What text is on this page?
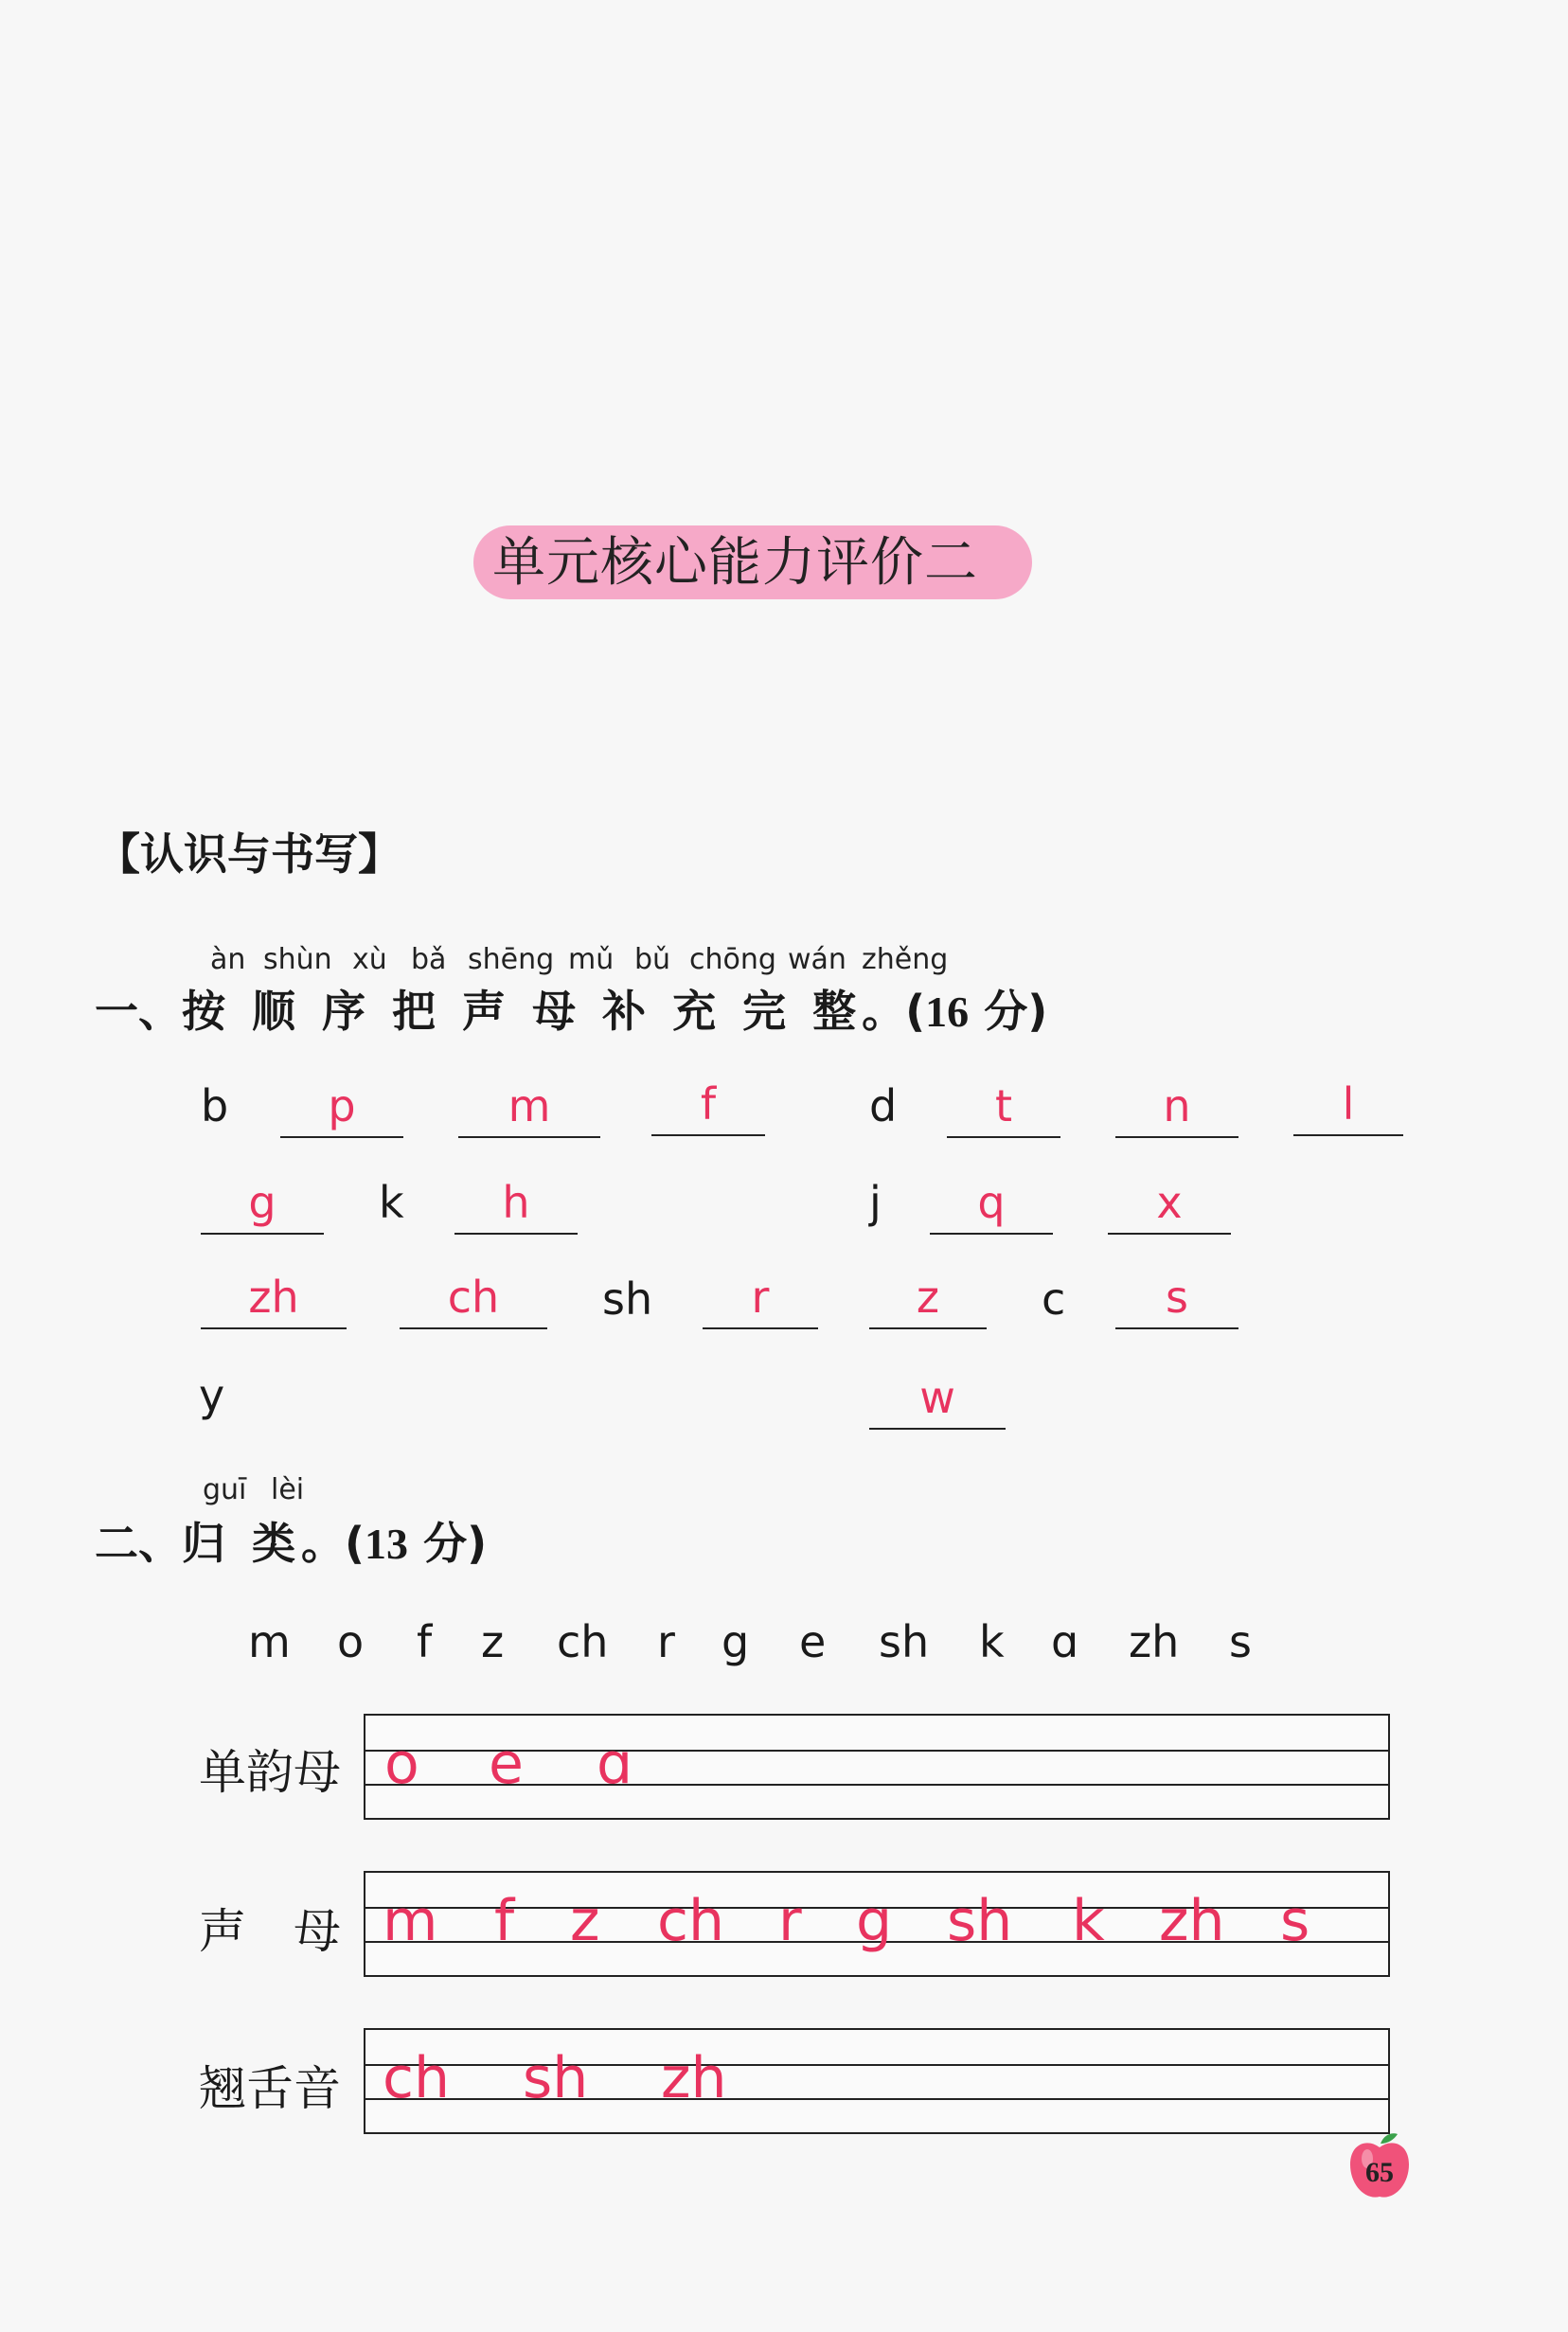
单元核心能力评价二
【认识与书写】
àn shùn xù bǎ shēng mǔ bǔ chōng wán zhěng
一、按 顺 序 把 声 母 补 充 完 整。(16 分)
b	p	m	f	d	t	n	l
g	k	h	j	q	x
zh	ch	sh	r	z	c	s
y	w
guī lèi
二、归 类。(13 分)
m o f z ch r g e sh k ɑ zh s
单韵母 o e ɑ
声　母 m f z ch r g sh k zh s
翘舌音 ch sh zh
65
